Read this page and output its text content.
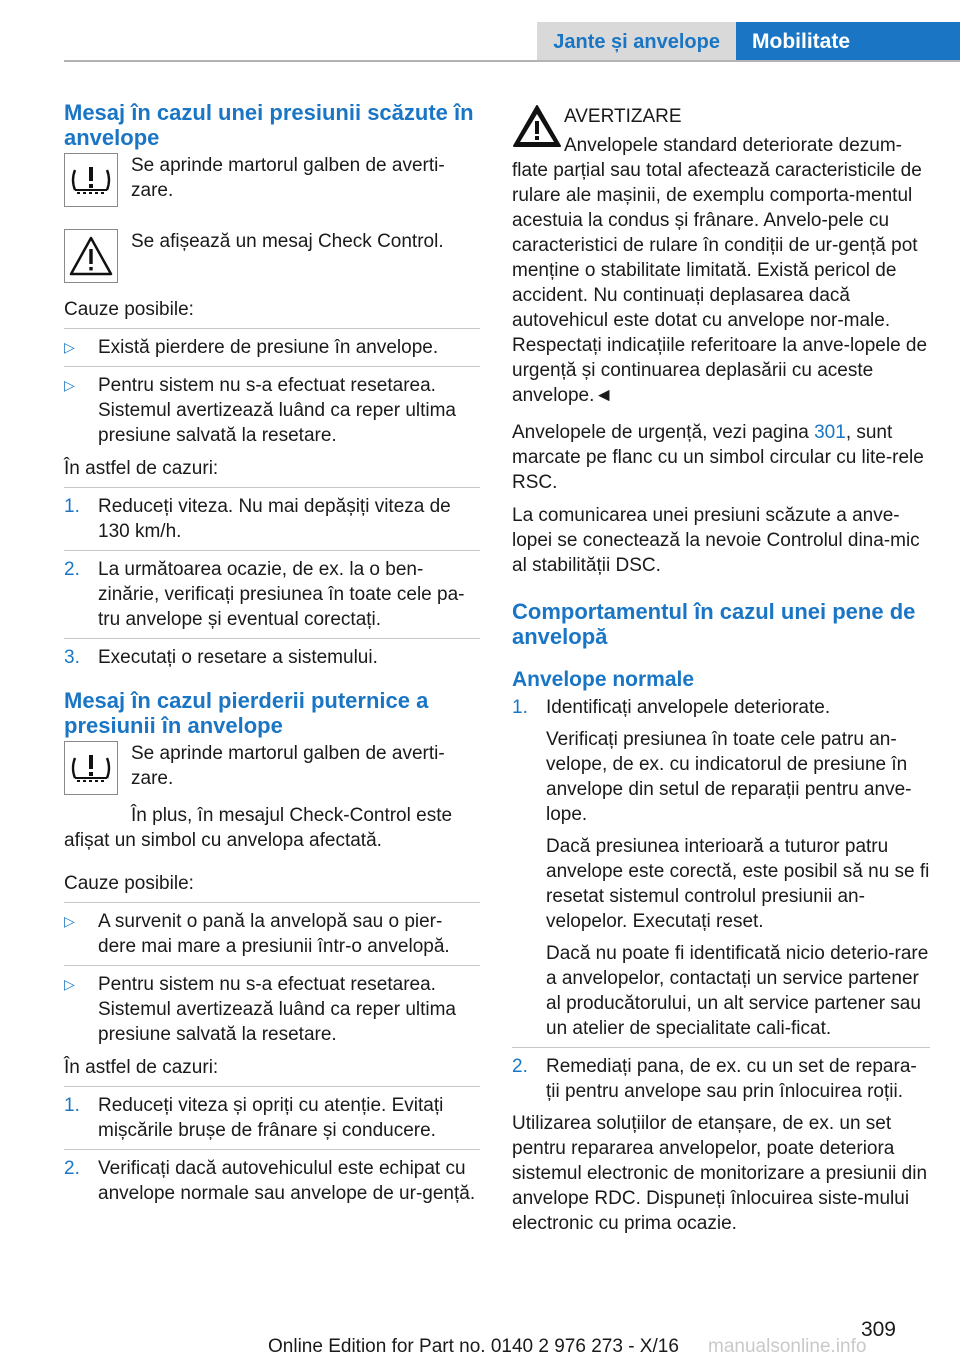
Jante și anvelope	Mobilitate
Mesaj în cazul unei presiunii scăzute în anvelope

Se aprinde martorul galben de averti‐zare.

Se afișează un mesaj Check Control.

Cauze posibile:

▷ Există pierdere de presiune în anvelope.
▷ Pentru sistem nu s-a efectuat resetarea. Sistemul avertizează luând ca reper ultima presiune salvată la resetare.

În astfel de cazuri:

1. Reduceți viteza. Nu mai depășiți viteza de 130 km/h.
2. La următoarea ocazie, de ex. la o ben‐zinărie, verificați presiunea în toate cele pa‐tru anvelope și eventual corectați.
3. Executați o resetare a sistemului.
Mesaj în cazul pierderii puternice a presiunii în anvelope

Se aprinde martorul galben de averti‐zare.

În plus, în mesajul Check-Control este afișat un simbol cu anvelopa afectată.

Cauze posibile:

▷ A survenit o pană la anvelopă sau o pier‐dere mai mare a presiunii într-o anvelopă.
▷ Pentru sistem nu s-a efectuat resetarea. Sistemul avertizează luând ca reper ultima presiune salvată la resetare.

În astfel de cazuri:

1. Reduceți viteza și opriți cu atenție. Evitați mișcările brușe de frânare și conducere.
2. Verificați dacă autovehiculul este echipat cu anvelope normale sau anvelope de ur‐gență.

AVERTIZARE

Anvelopele standard deteriorate dezum‐flate parțial sau total afectează caracteristicile de rulare ale mașinii, de exemplu comporta‐mentul acestuia la condus și frânare. Anvelo‐pele cu caracteristici de rulare în condiții de ur‐gență pot menține o stabilitate limitată. Există pericol de accident. Nu continuați deplasarea dacă autovehicul este dotat cu anvelope nor‐male. Respectați indicațiile referitoare la anve‐lopele de urgență și continuarea deplasării cu aceste anvelope.◄

Anvelopele de urgență, vezi pagina 301, sunt marcate pe flanc cu un simbol circular cu lite‐rele RSC.

La comunicarea unei presiuni scăzute a anve‐lopei se conectează la nevoie Controlul dina‐mic al stabilității DSC.

Comportamentul în cazul unei pene de anvelopă
Anvelope normale
1. Identificați anvelopele deteriorate.

Verificați presiunea în toate cele patru an‐velope, de ex. cu indicatorul de presiune în anvelope din setul de reparații pentru anve‐lope.

Dacă presiunea interioară a tuturor patru anvelope este corectă, este posibil să nu se fi resetat sistemul controlul presiunii an‐velopelor. Executați reset.

Dacă nu poate fi identificată nicio deterio‐rare a anvelopelor, contactați un service partener al producătorului, un alt service partener sau un atelier de specialitate cali‐ficat.

2. Remediați pana, de ex. cu un set de repara‐ții pentru anvelope sau prin înlocuirea roții.

Utilizarea soluțiilor de etanșare, de ex. un set pentru repararea anvelopelor, poate deteriora sistemul electronic de monitorizare a presiunii din anvelope RDC. Dispuneți înlocuirea siste‐mului electronic cu prima ocazie.

309
Online Edition for Part no. 0140 2 976 273 - X/16 manualsonline.info
